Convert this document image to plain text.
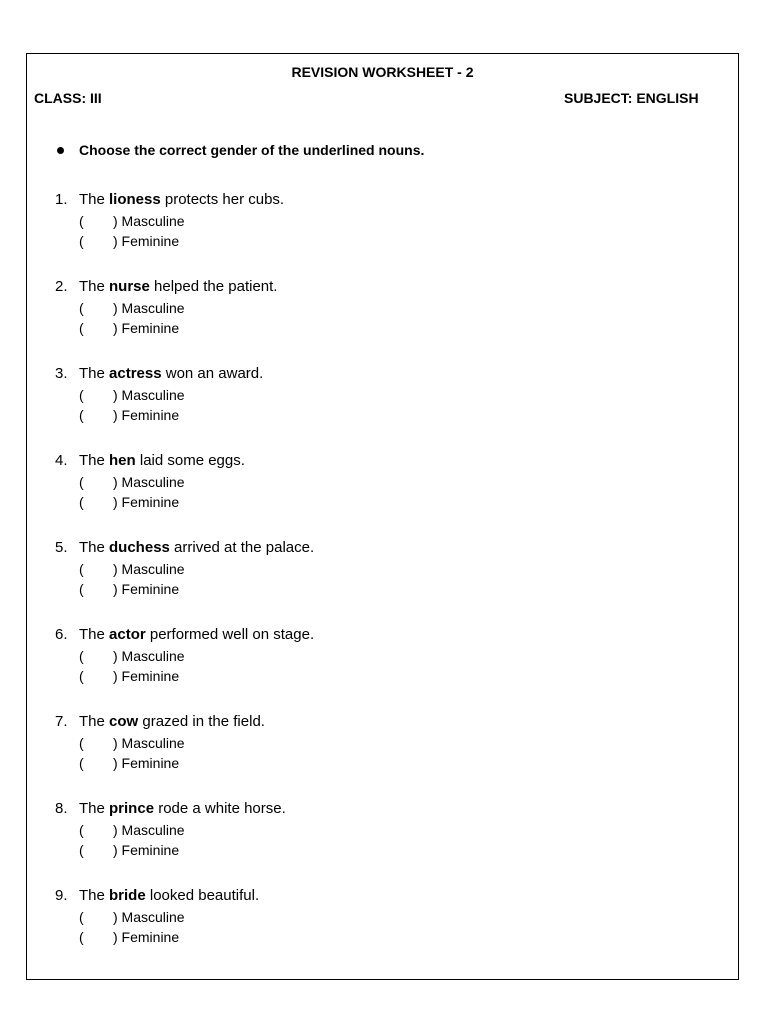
REVISION WORKSHEET - 2
CLASS: III	SUBJECT: ENGLISH
Choose the correct gender of the underlined nouns.
1. The lioness protects her cubs.
( ) Masculine
( ) Feminine
2. The nurse helped the patient.
( ) Masculine
( ) Feminine
3. The actress won an award.
( ) Masculine
( ) Feminine
4. The hen laid some eggs.
( ) Masculine
( ) Feminine
5. The duchess arrived at the palace.
( ) Masculine
( ) Feminine
6. The actor performed well on stage.
( ) Masculine
( ) Feminine
7. The cow grazed in the field.
( ) Masculine
( ) Feminine
8. The prince rode a white horse.
( ) Masculine
( ) Feminine
9. The bride looked beautiful.
( ) Masculine
( ) Feminine
